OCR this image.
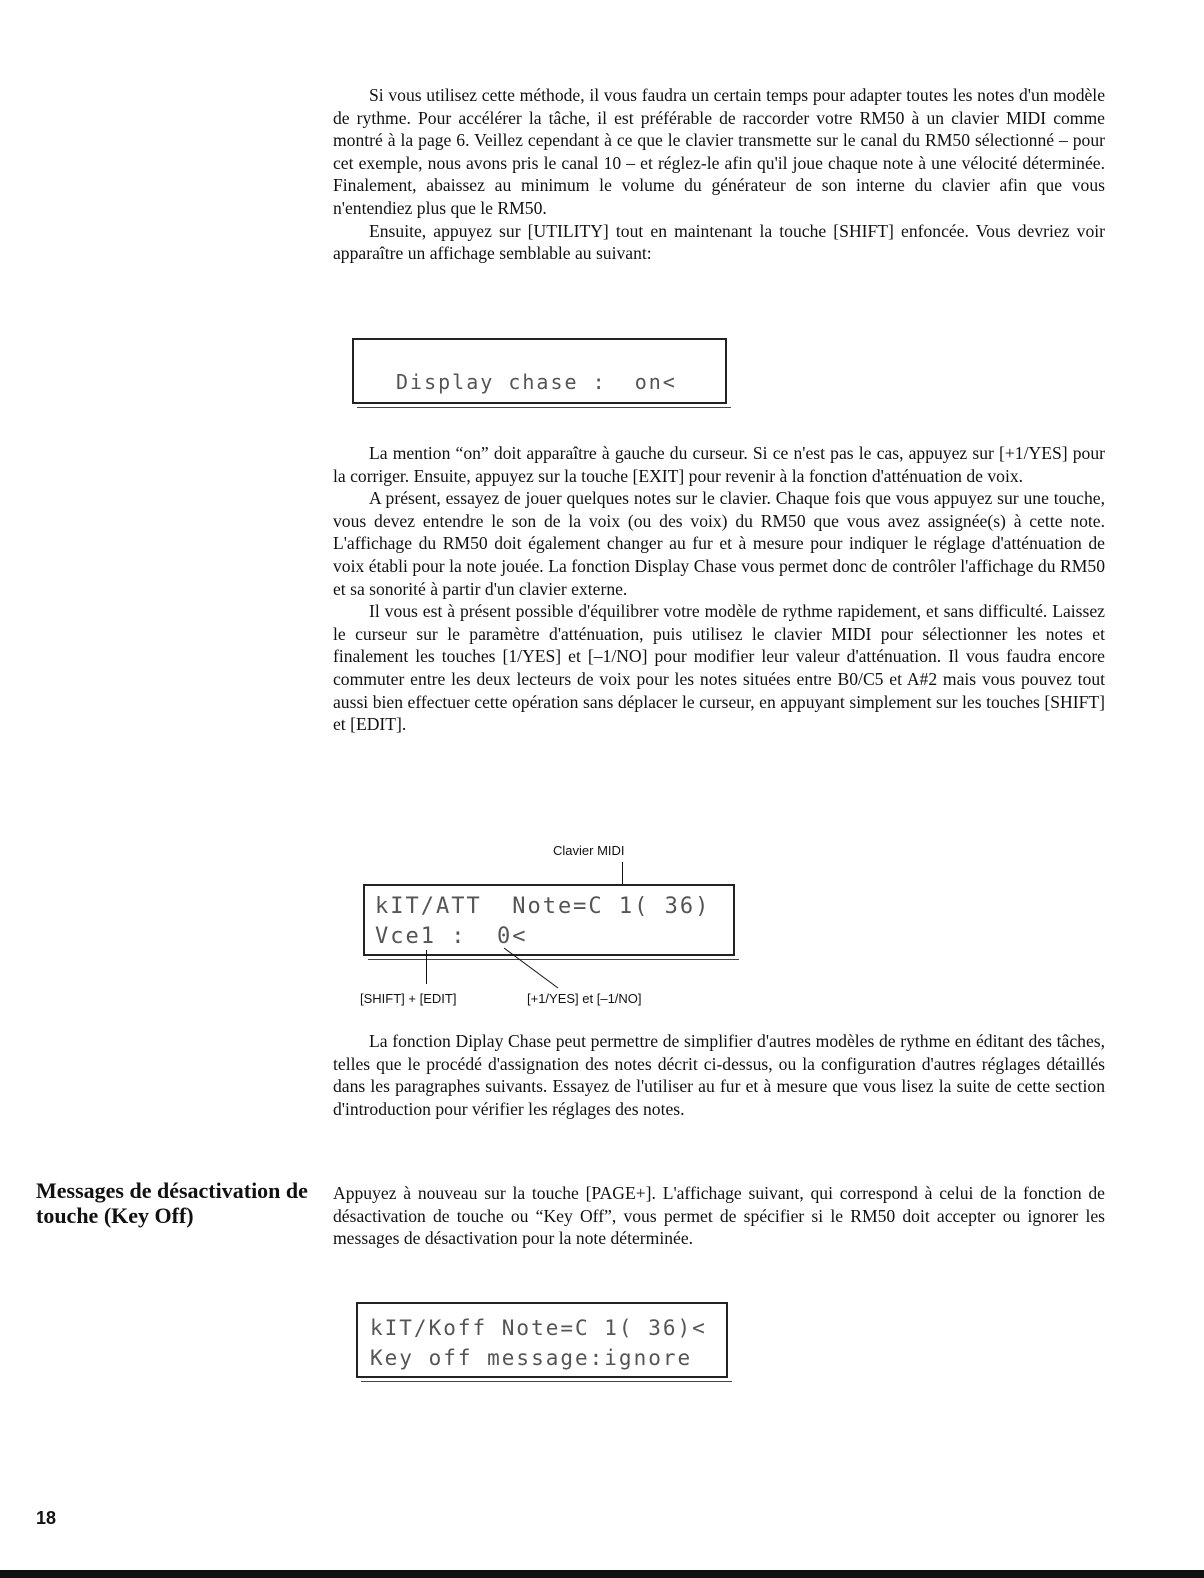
Si vous utilisez cette méthode, il vous faudra un certain temps pour adapter toutes les notes d'un modèle de rythme. Pour accélérer la tâche, il est préférable de raccorder votre RM50 à un clavier MIDI comme montré à la page 6. Veillez cependant à ce que le clavier transmette sur le canal du RM50 sélectionné – pour cet exemple, nous avons pris le canal 10 – et réglez-le afin qu'il joue chaque note à une vélocité déterminée. Finalement, abaissez au minimum le volume du générateur de son interne du clavier afin que vous n'entendiez plus que le RM50.

Ensuite, appuyez sur [UTILITY] tout en maintenant la touche [SHIFT] enfoncée. Vous devriez voir apparaître un affichage semblable au suivant:

Display chase :  on<

La mention “on” doit apparaître à gauche du curseur. Si ce n'est pas le cas, appuyez sur [+1/YES] pour la corriger. Ensuite, appuyez sur la touche [EXIT] pour revenir à la fonction d'atténuation de voix.

A présent, essayez de jouer quelques notes sur le clavier. Chaque fois que vous appuyez sur une touche, vous devez entendre le son de la voix (ou des voix) du RM50 que vous avez assignée(s) à cette note. L'affichage du RM50 doit également changer au fur et à mesure pour indiquer le réglage d'atténuation de voix établi pour la note jouée. La fonction Display Chase vous permet donc de contrôler l'affichage du RM50 et sa sonorité à partir d'un clavier externe.

Il vous est à présent possible d'équilibrer votre modèle de rythme rapidement, et sans difficulté. Laissez le curseur sur le paramètre d'atténuation, puis utilisez le clavier MIDI pour sélectionner les notes et finalement les touches [1/YES] et [–1/NO] pour modifier leur valeur d'atténuation. Il vous faudra encore commuter entre les deux lecteurs de voix pour les notes situées entre B0/C5 et A#2 mais vous pouvez tout aussi bien effectuer cette opération sans déplacer le curseur, en appuyant simplement sur les touches [SHIFT] et [EDIT].

Clavier MIDI
kIT/ATT  Note=C 1( 36)
Vce1 :  0<
[SHIFT] + [EDIT]	[+1/YES] et [–1/NO]

La fonction Diplay Chase peut permettre de simplifier d'autres modèles de rythme en éditant des tâches, telles que le procédé d'assignation des notes décrit ci-dessus, ou la configuration d'autres réglages détaillés dans les paragraphes suivants. Essayez de l'utiliser au fur et à mesure que vous lisez la suite de cette section d'introduction pour vérifier les réglages des notes.

Messages de désactivation de touche (Key Off)

Appuyez à nouveau sur la touche [PAGE+]. L'affichage suivant, qui correspond à celui de la fonction de désactivation de touche ou “Key Off”, vous permet de spécifier si le RM50 doit accepter ou ignorer les messages de désactivation pour la note déterminée.

kIT/Koff Note=C 1( 36)<
Key off message:ignore
18
